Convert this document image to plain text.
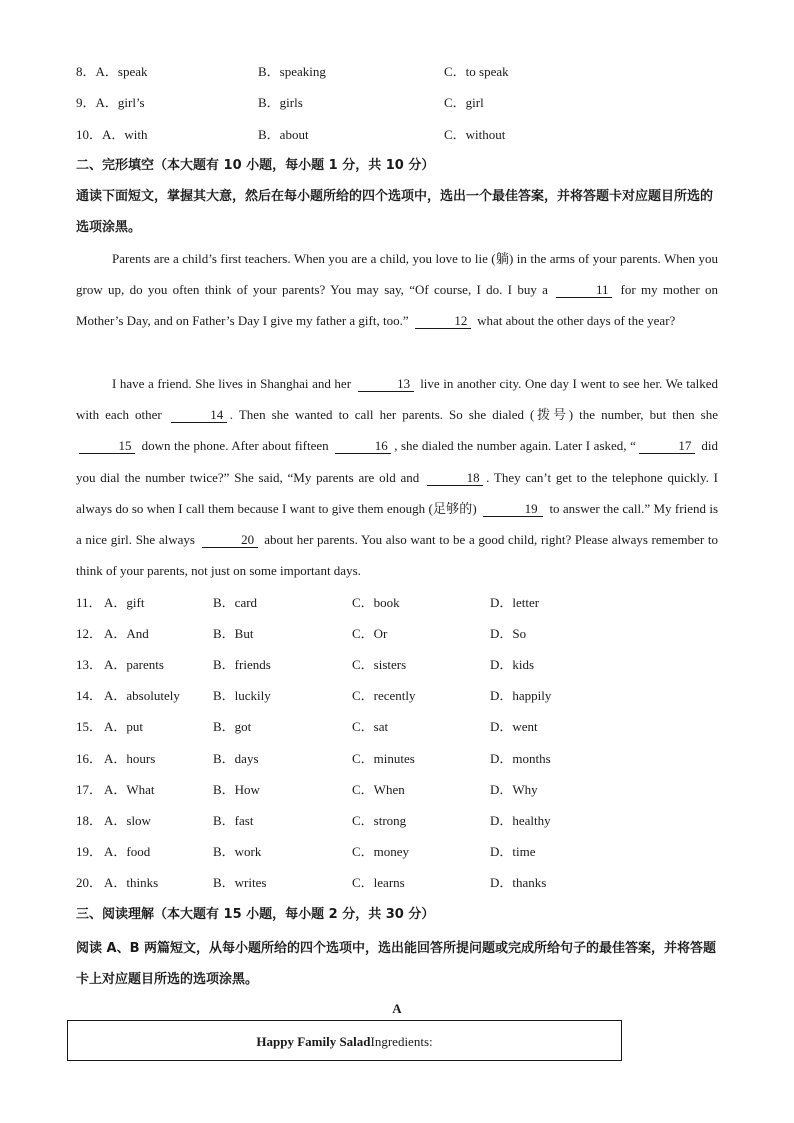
8．A．speak	B．speaking	C．to speak
9．A．girl’s	B．girls	C．girl
10．A．with	B．about	C．without
二、完形填空（本大题有 10 小题，每小题 1 分，共 10 分）
通读下面短文，掌握其大意，然后在每小题所给的四个选项中，选出一个最佳答案，并将答题卡对应题目所选的选项涂黑。
Parents are a child’s first teachers. When you are a child, you love to lie (躺) in the arms of your parents. When you grow up, do you often think of your parents? You may say, “Of course, I do. I buy a	11 for my mother on Mother’s Day, and on Father’s Day I give my father a gift, too.”	12 what about the other days of the year?
I have a friend. She lives in Shanghai and her	13 live in another city. One day I went to see her. We talked with each other	14 . Then she wanted to call her parents. So she dialed (拨号) the number, but then she 15 down the phone. After about fifteen	16 , she dialed the number again. Later I asked, “	17 did you dial the number twice?” She said, “My parents are old and	18 . They can’t get to the telephone quickly. I always do so when I call them because I want to give them enough (足够的)	19 to answer the call.” My friend is a nice girl. She always	20 about her parents. You also want to be a good child, right? Please always remember to think of your parents, not just on some important days.
11． A．gift	B．card	C．book	D．letter
12． A．And	B．But	C．Or	D．So
13． A．parents	B．friends	C．sisters	D．kids
14． A．absolutely	B．luckily	C．recently	D．happily
15． A．put	B．got	C．sat	D．went
16． A．hours	B．days	C．minutes	D．months
17． A．What	B．How	C．When	D．Why
18． A．slow	B．fast	C．strong	D．healthy
19． A．food	B．work	C．money	D．time
20． A．thinks	B．writes	C．learns	D．thanks
三、阅读理解（本大题有 15 小题，每小题 2 分，共 30 分）
阅读 A、B 两篇短文，从每小题所给的四个选项中，选出能回答所提问题或完成所给句子的最佳答案，并将答题卡上对应题目所选的选项涂黑。
A
Happy Family SaladIngredients:
